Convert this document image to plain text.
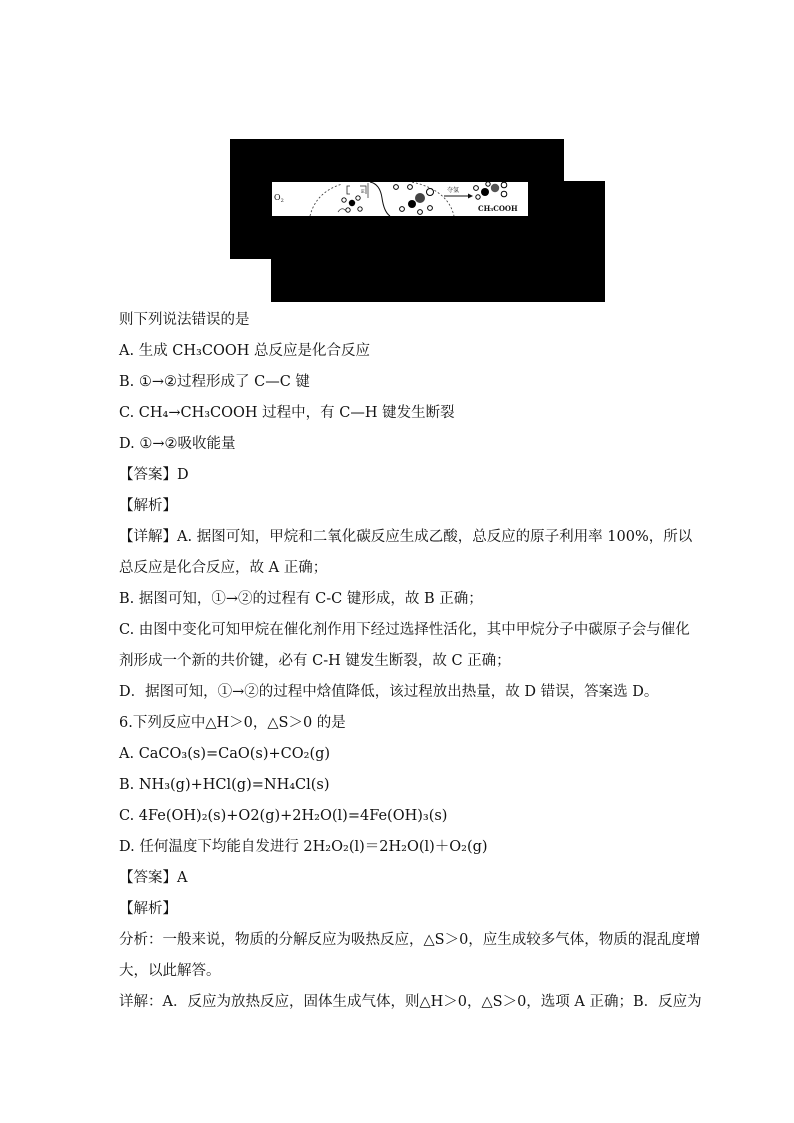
$O_2$
E	夺氢
CH₃COOH
则下列说法错误的是
A. 生成 CH₃COOH 总反应是化合反应
B. ①→②过程形成了 C—C 键
C. CH₄→CH₃COOH 过程中，有 C—H 键发生断裂
D. ①→②吸收能量
【答案】D
【解析】
【详解】A. 据图可知，甲烷和二氧化碳反应生成乙酸，总反应的原子利用率 100%，所以
总反应是化合反应，故 A 正确；
B. 据图可知，①→②的过程有 C-C 键形成，故 B 正确；
C. 由图中变化可知甲烷在催化剂作用下经过选择性活化，其中甲烷分子中碳原子会与催化
剂形成一个新的共价键，必有 C-H 键发生断裂，故 C 正确；
D．据图可知，①→②的过程中焓值降低，该过程放出热量，故 D 错误，答案选 D。
6.下列反应中△H＞0，△S＞0 的是
A. CaCO₃(s)=CaO(s)+CO₂(g)
B. NH₃(g)+HCl(g)=NH₄Cl(s)
C. 4Fe(OH)₂(s)+O2(g)+2H₂O(l)=4Fe(OH)₃(s)
D. 任何温度下均能自发进行 2H₂O₂(l)＝2H₂O(l)＋O₂(g)
【答案】A
【解析】
分析：一般来说，物质的分解反应为吸热反应，△S＞0，应生成较多气体，物质的混乱度增
大，以此解答。
详解：A．反应为放热反应，固体生成气体，则△H＞0，△S＞0，选项 A 正确；B．反应为
